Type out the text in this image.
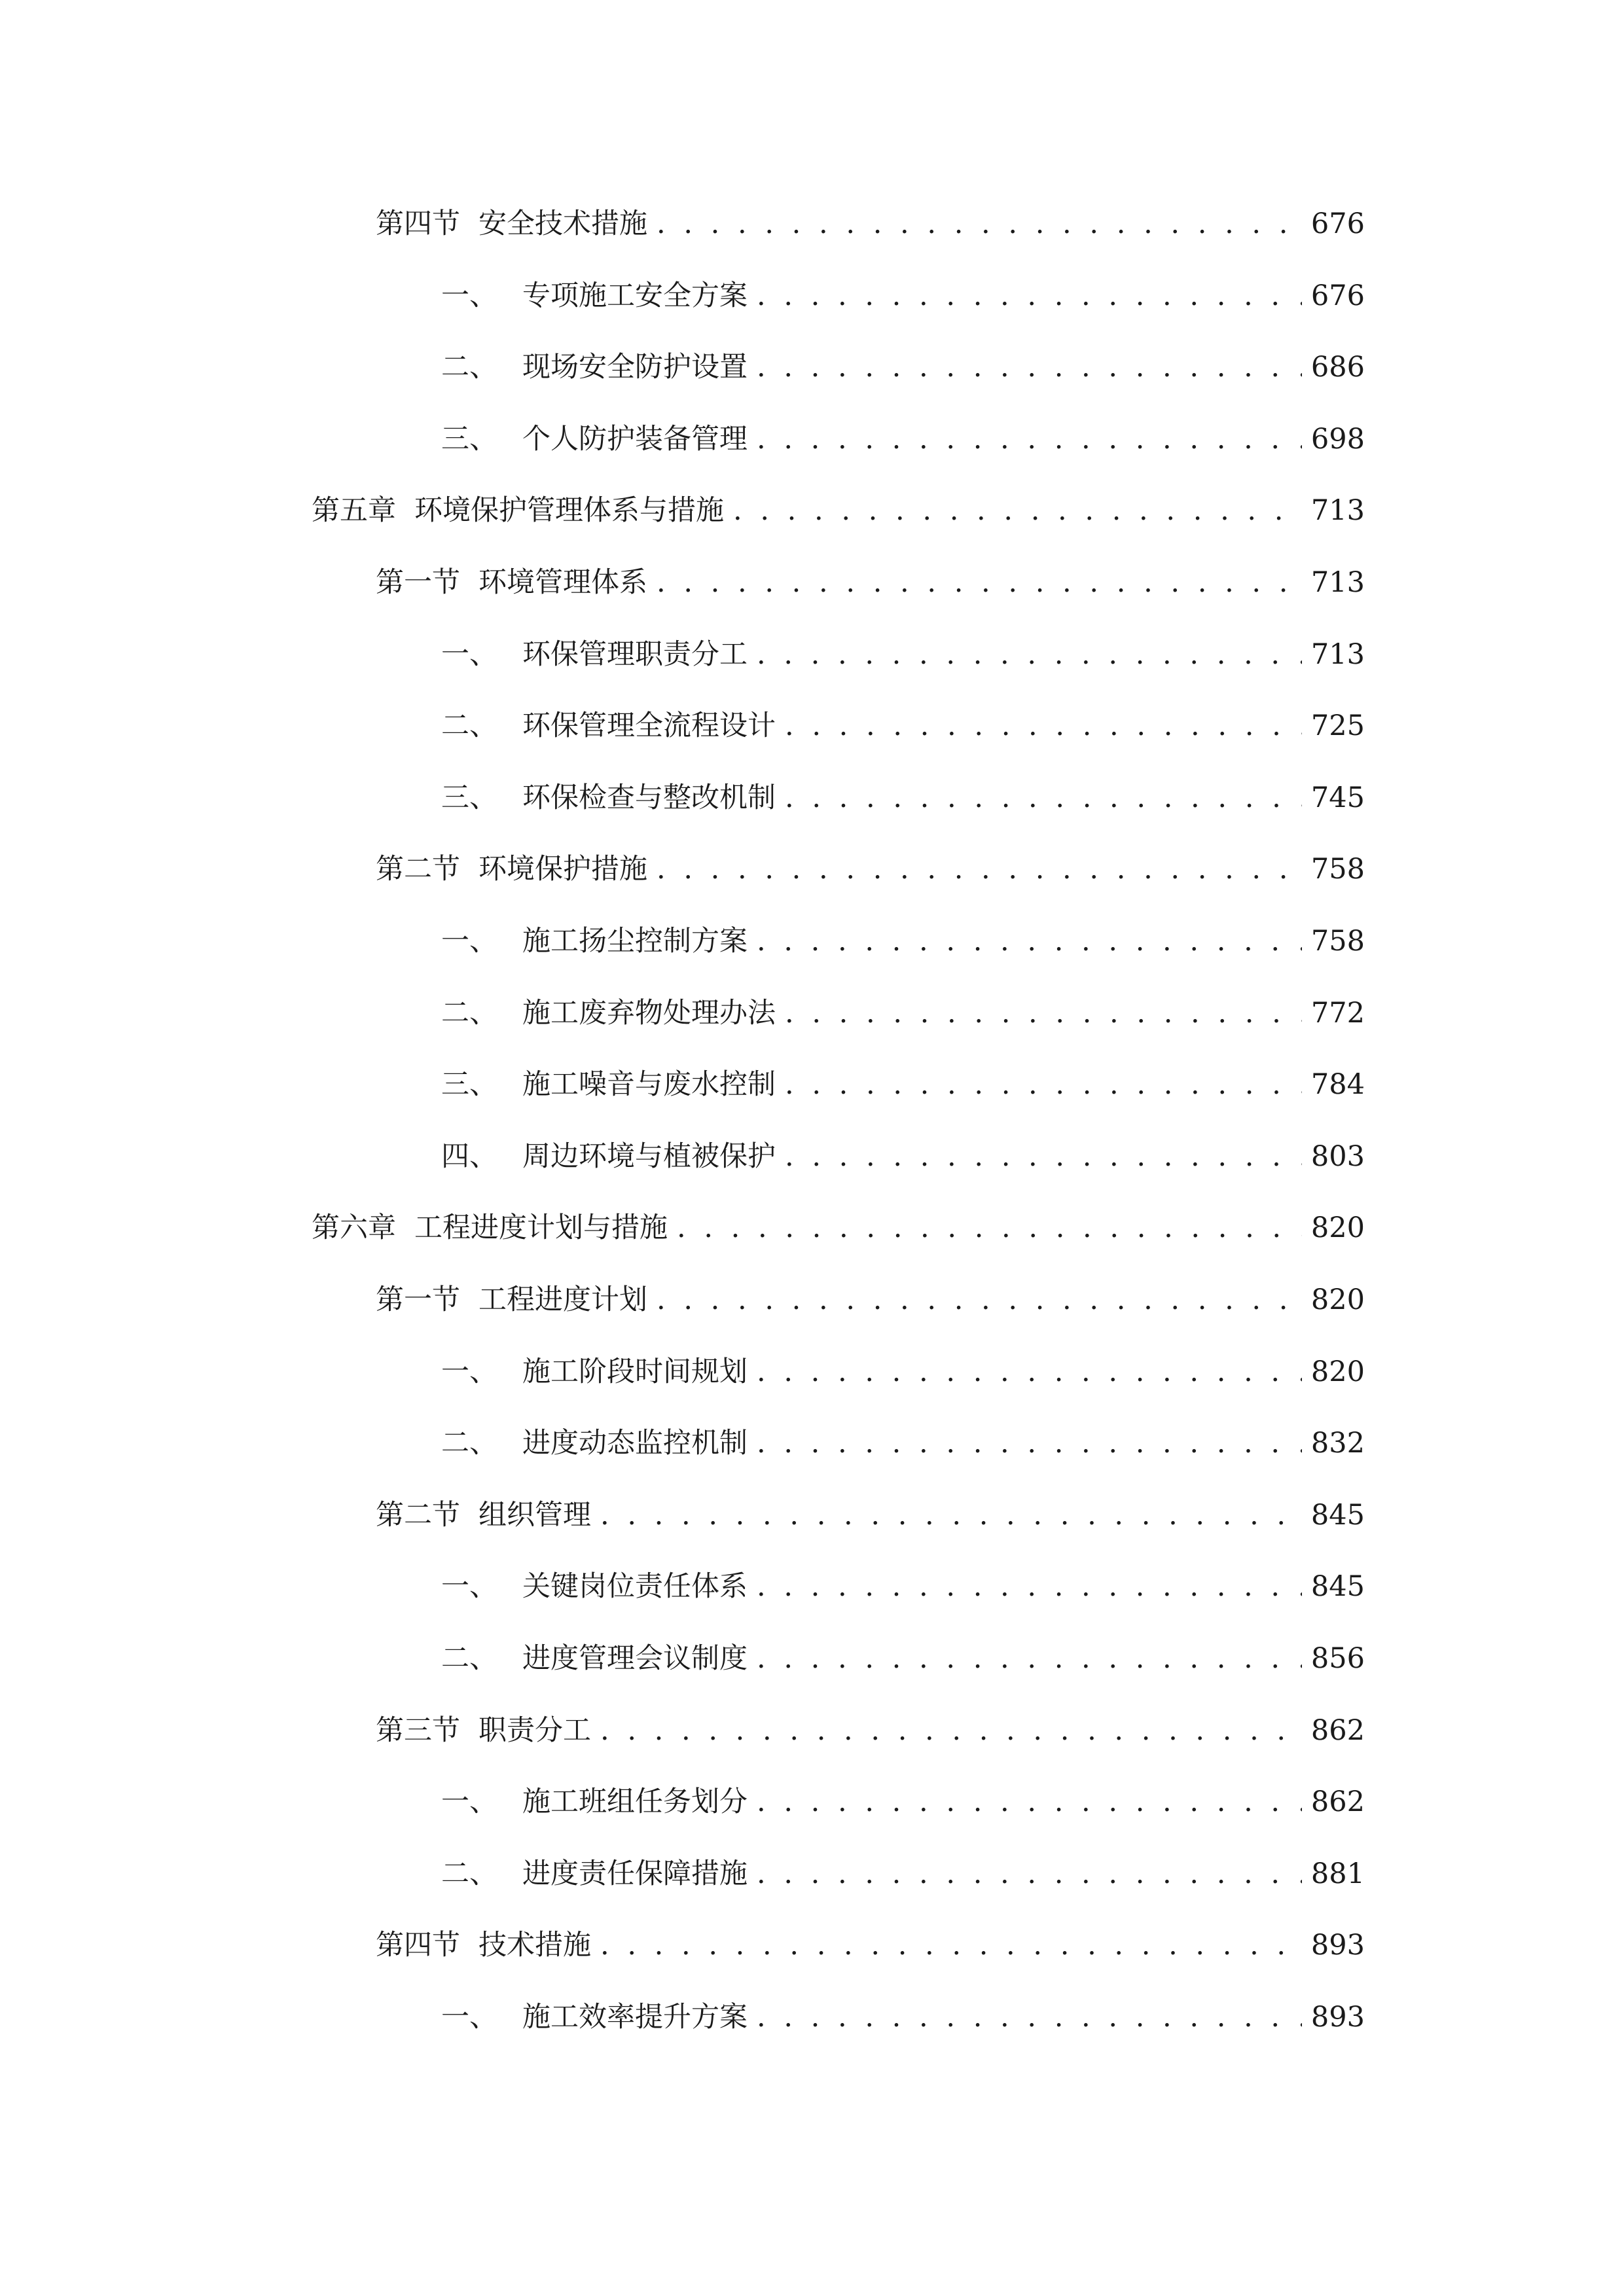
第四节 安全技术措施 . . .	676
一、 专项施工安全方案 . . .	676
二、 现场安全防护设置 . . .	686
三、 个人防护装备管理 . . .	698
第五章 环境保护管理体系与措施 . . .	713
第一节 环境管理体系 . . .	713
一、 环保管理职责分工 . . .	713
二、 环保管理全流程设计 . . .	725
三、 环保检查与整改机制 . . .	745
第二节 环境保护措施 . . .	758
一、 施工扬尘控制方案 . . .	758
二、 施工废弃物处理办法 . . .	772
三、 施工噪音与废水控制 . . .	784
四、 周边环境与植被保护 . . .	803
第六章 工程进度计划与措施 . . .	820
第一节 工程进度计划 . . .	820
一、 施工阶段时间规划 . . .	820
二、 进度动态监控机制 . . .	832
第二节 组织管理 . . .	845
一、 关键岗位责任体系 . . .	845
二、 进度管理会议制度 . . .	856
第三节 职责分工 . . .	862
一、 施工班组任务划分 . . .	862
二、 进度责任保障措施 . . .	881
第四节 技术措施 . . .	893
一、 施工效率提升方案 . . .	893
